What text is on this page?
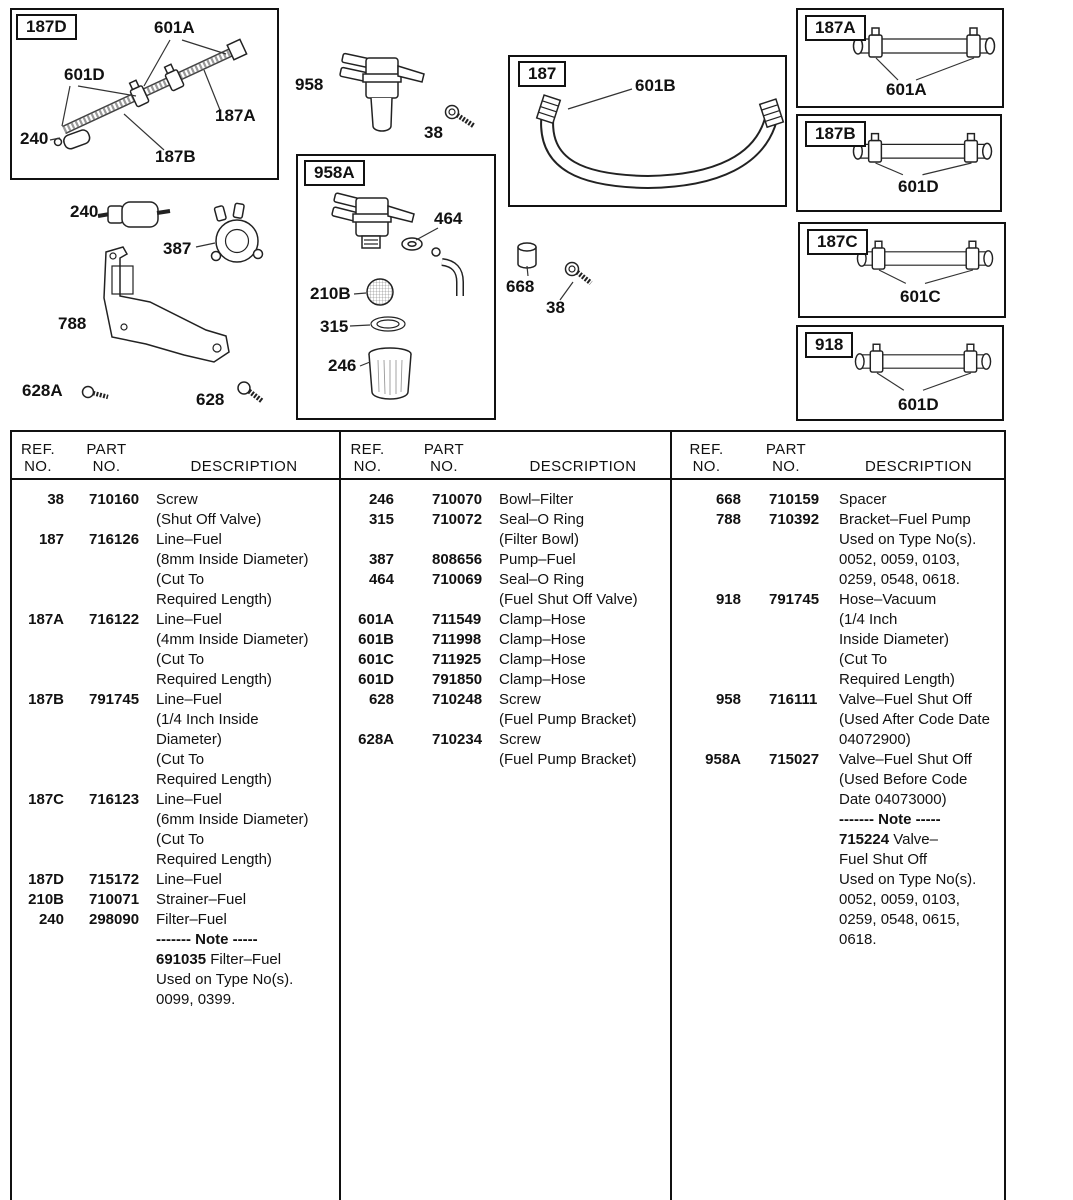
958
38
240
387
788
628A	628
668
38
187D	601A
601D
187A
240
187B
187
601B
958A
464
210B
315
246
187A
601A
187B
601D
187C
601C
918
601D
REF.
NO.
PART
NO.	DESCRIPTION
38	710160	Screw
(Shut Off Valve)
187	716126	Line–Fuel
(8mm Inside Diameter)
(Cut To
Required Length)
187A	716122	Line–Fuel
(4mm Inside Diameter)
(Cut To
Required Length)
187B	791745	Line–Fuel
(1/4 Inch Inside
Diameter)
(Cut To
Required Length)
187C	716123	Line–Fuel
(6mm Inside Diameter)
(Cut To
Required Length)
187D	715172	Line–Fuel
210B	710071	Strainer–Fuel
240	298090	Filter–Fuel
------- Note -----
691035 Filter–Fuel
Used on Type No(s).
0099, 0399.
REF.
NO.
PART
NO.	DESCRIPTION
246	710070	Bowl–Filter
315	710072	Seal–O Ring
(Filter Bowl)
387	808656	Pump–Fuel
464	710069	Seal–O Ring
(Fuel Shut Off Valve)
601A	711549	Clamp–Hose
601B	711998	Clamp–Hose
601C	711925	Clamp–Hose
601D	791850	Clamp–Hose
628	710248	Screw
(Fuel Pump Bracket)
628A	710234	Screw
(Fuel Pump Bracket)
REF.
NO.
PART
NO.	DESCRIPTION
668	710159	Spacer
788	710392	Bracket–Fuel Pump
Used on Type No(s).
0052, 0059, 0103,
0259, 0548, 0618.
918	791745	Hose–Vacuum
(1/4 Inch
Inside Diameter)
(Cut To
Required Length)
958	716111	Valve–Fuel Shut Off
(Used After Code Date
04072900)
958A	715027	Valve–Fuel Shut Off
(Used Before Code
Date 04073000)
------- Note -----
715224 Valve–
Fuel Shut Off
Used on Type No(s).
0052, 0059, 0103,
0259, 0548, 0615,
0618.
